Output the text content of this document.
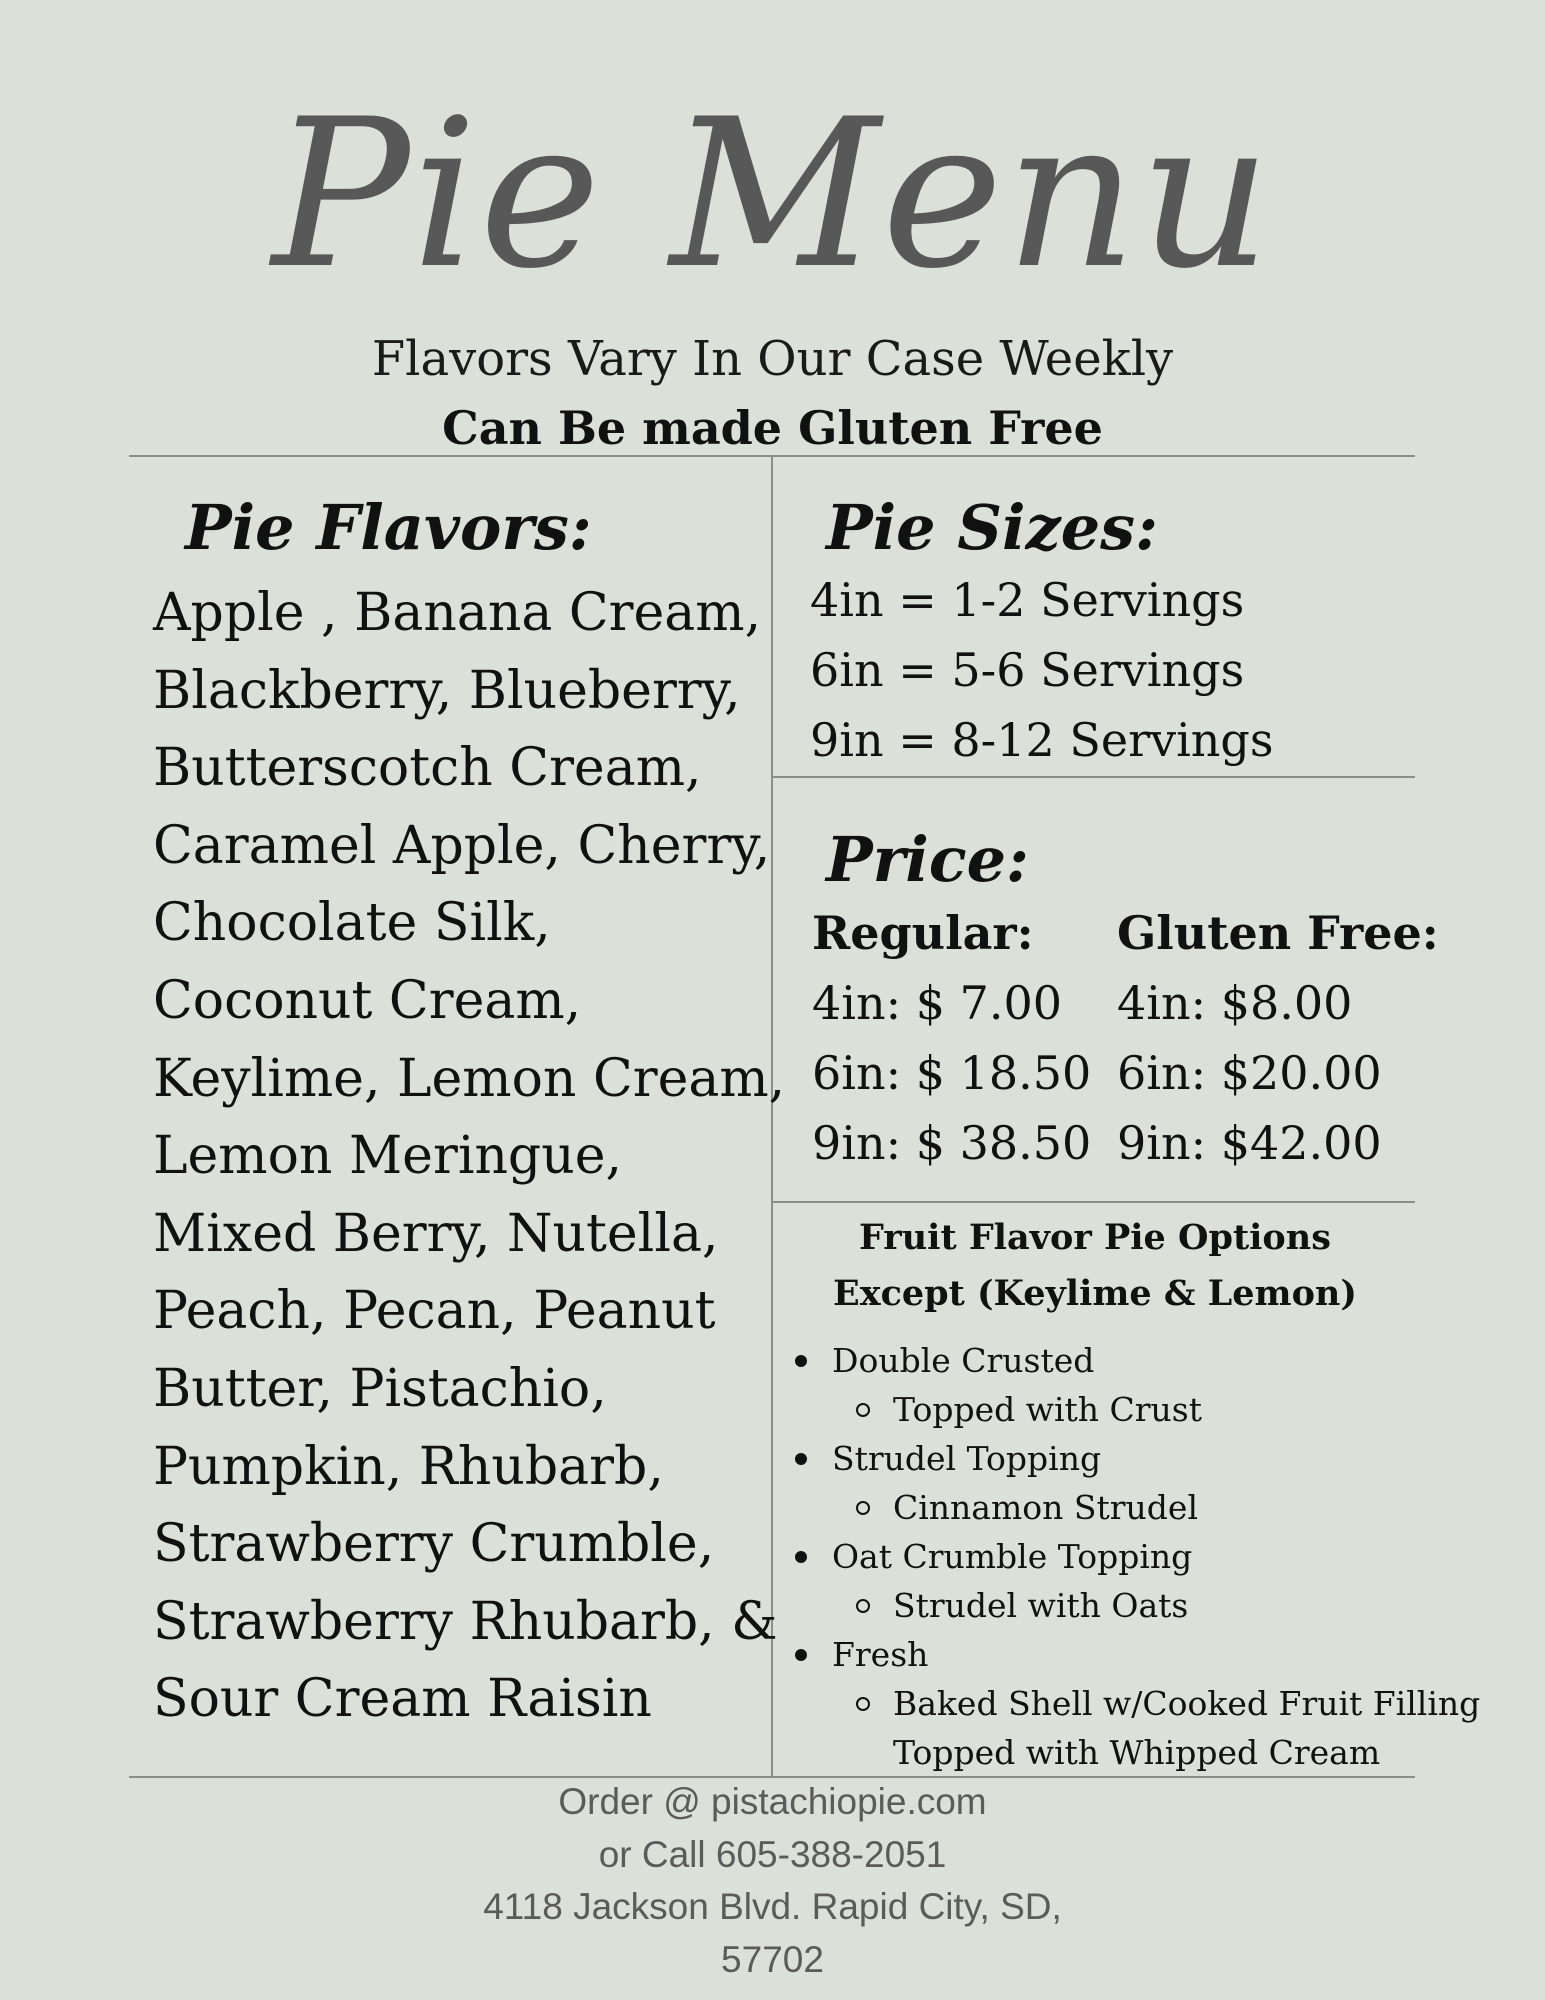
Pie Menu
Flavors Vary In Our Case Weekly
Can Be made Gluten Free
Pie Flavors:
Apple , Banana Cream,
Blackberry, Blueberry,
Butterscotch Cream,
Caramel Apple, Cherry,
Chocolate Silk,
Coconut Cream,
Keylime, Lemon Cream,
Lemon Meringue,
Mixed Berry, Nutella,
Peach, Pecan, Peanut
Butter, Pistachio,
Pumpkin, Rhubarb,
Strawberry Crumble,
Strawberry Rhubarb, &
Sour Cream Raisin
Pie Sizes:
4in = 1-2 Servings
6in = 5-6 Servings
9in = 8-12 Servings
Price:
Regular:
4in: $ 7.00
6in: $ 18.50
9in: $ 38.50
Gluten Free:
4in: $8.00
6in: $20.00
9in: $42.00
Fruit Flavor Pie Options
Except (Keylime & Lemon)
Double Crusted
Topped with Crust
Strudel Topping
Cinnamon Strudel
Oat Crumble Topping
Strudel with Oats
Fresh
Baked Shell w/Cooked Fruit Filling
Topped with Whipped Cream
Order @ pistachiopie.com
or Call 605-388-2051
4118 Jackson Blvd. Rapid City, SD,
57702
